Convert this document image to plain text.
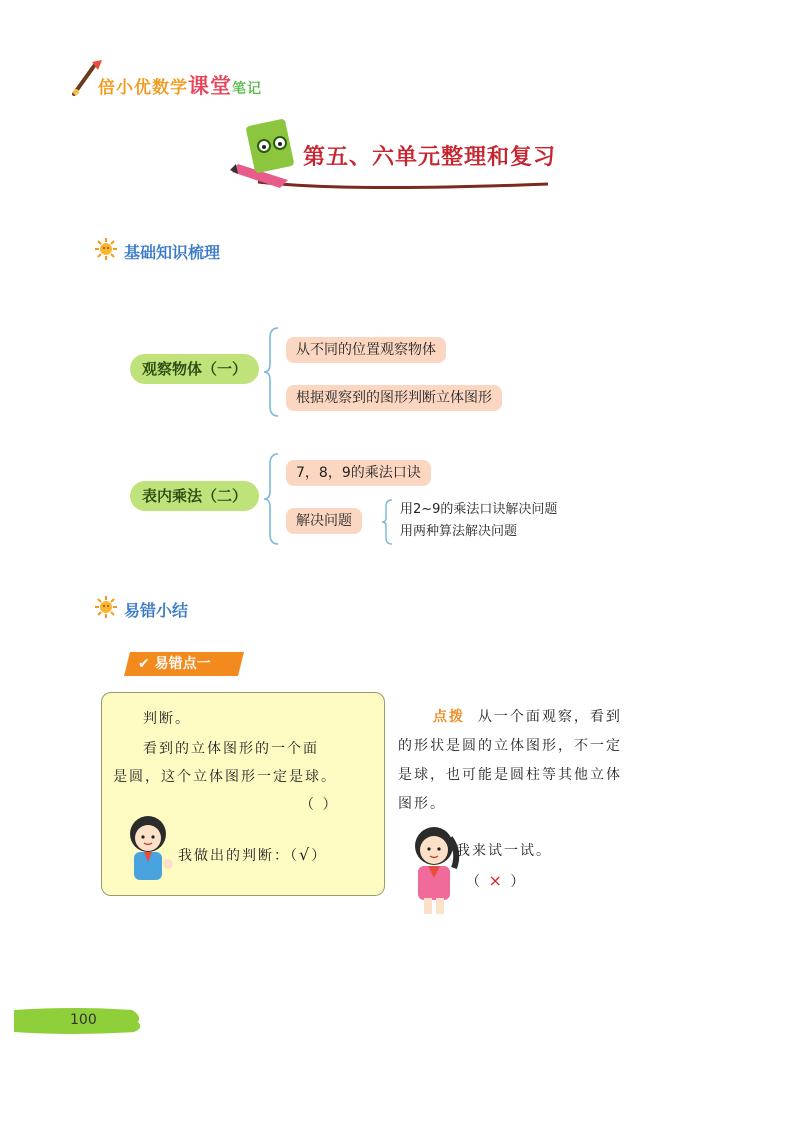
倍小优数学课堂笔记
第五、六单元整理和复习
基础知识梳理
观察物体（一）
从不同的位置观察物体
根据观察到的图形判断立体图形
表内乘法（二）
7，8，9的乘法口诀
解决问题
用2~9的乘法口诀解决问题
用两种算法解决问题
易错小结
✔ 易错点一
判断。
看到的立体图形的一个面
是圆，这个立体图形一定是球。
（ ）
我做出的判断：（√）
点拨 从一个面观察，看到
的形状是圆的立体图形，不一定
是球，也可能是圆柱等其他立体
图形。
我来试一试。
（ × ）
100
